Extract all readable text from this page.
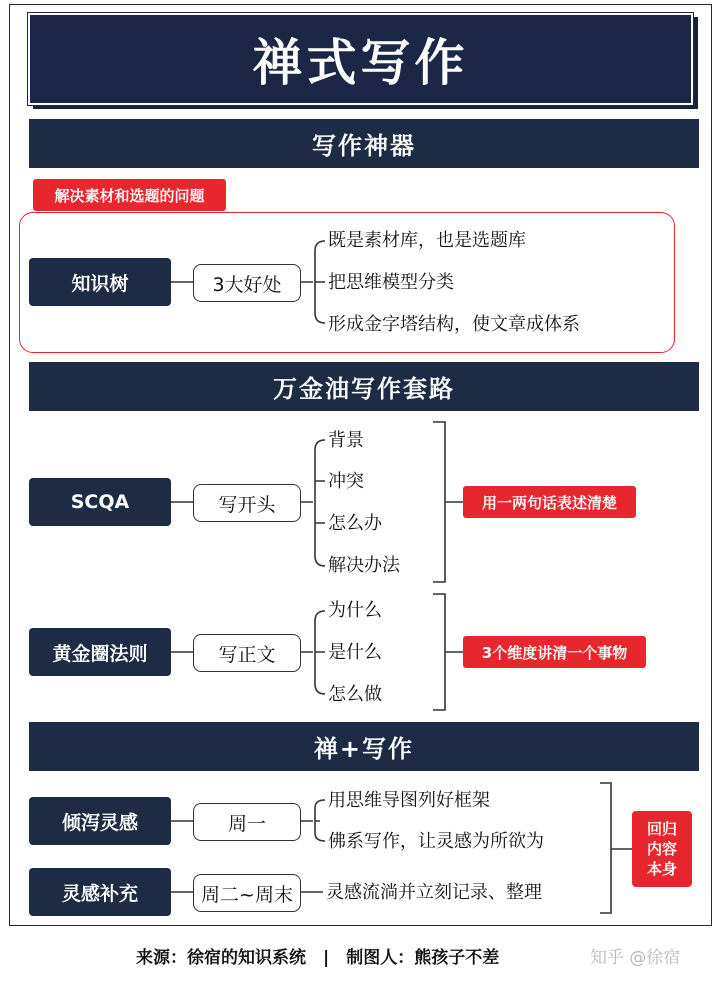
禅式写作
写作神器
解决素材和选题的问题
知识树	3大好处
既是素材库，也是选题库
把思维模型分类
形成金字塔结构，使文章成体系
万金油写作套路
SCQA	写开头
背景
冲突
怎么办
解决办法
用一两句话表述清楚
黄金圈法则	写正文
为什么
是什么
怎么做
3个维度讲清一个事物
禅+写作
倾泻灵感	周一
用思维导图列好框架
佛系写作，让灵感为所欲为
灵感补充	周二~周末	灵感流淌并立刻记录、整理
回归
内容
本身
来源：徐宿的知识系统　|　制图人：熊孩子不差	知乎 @徐宿
